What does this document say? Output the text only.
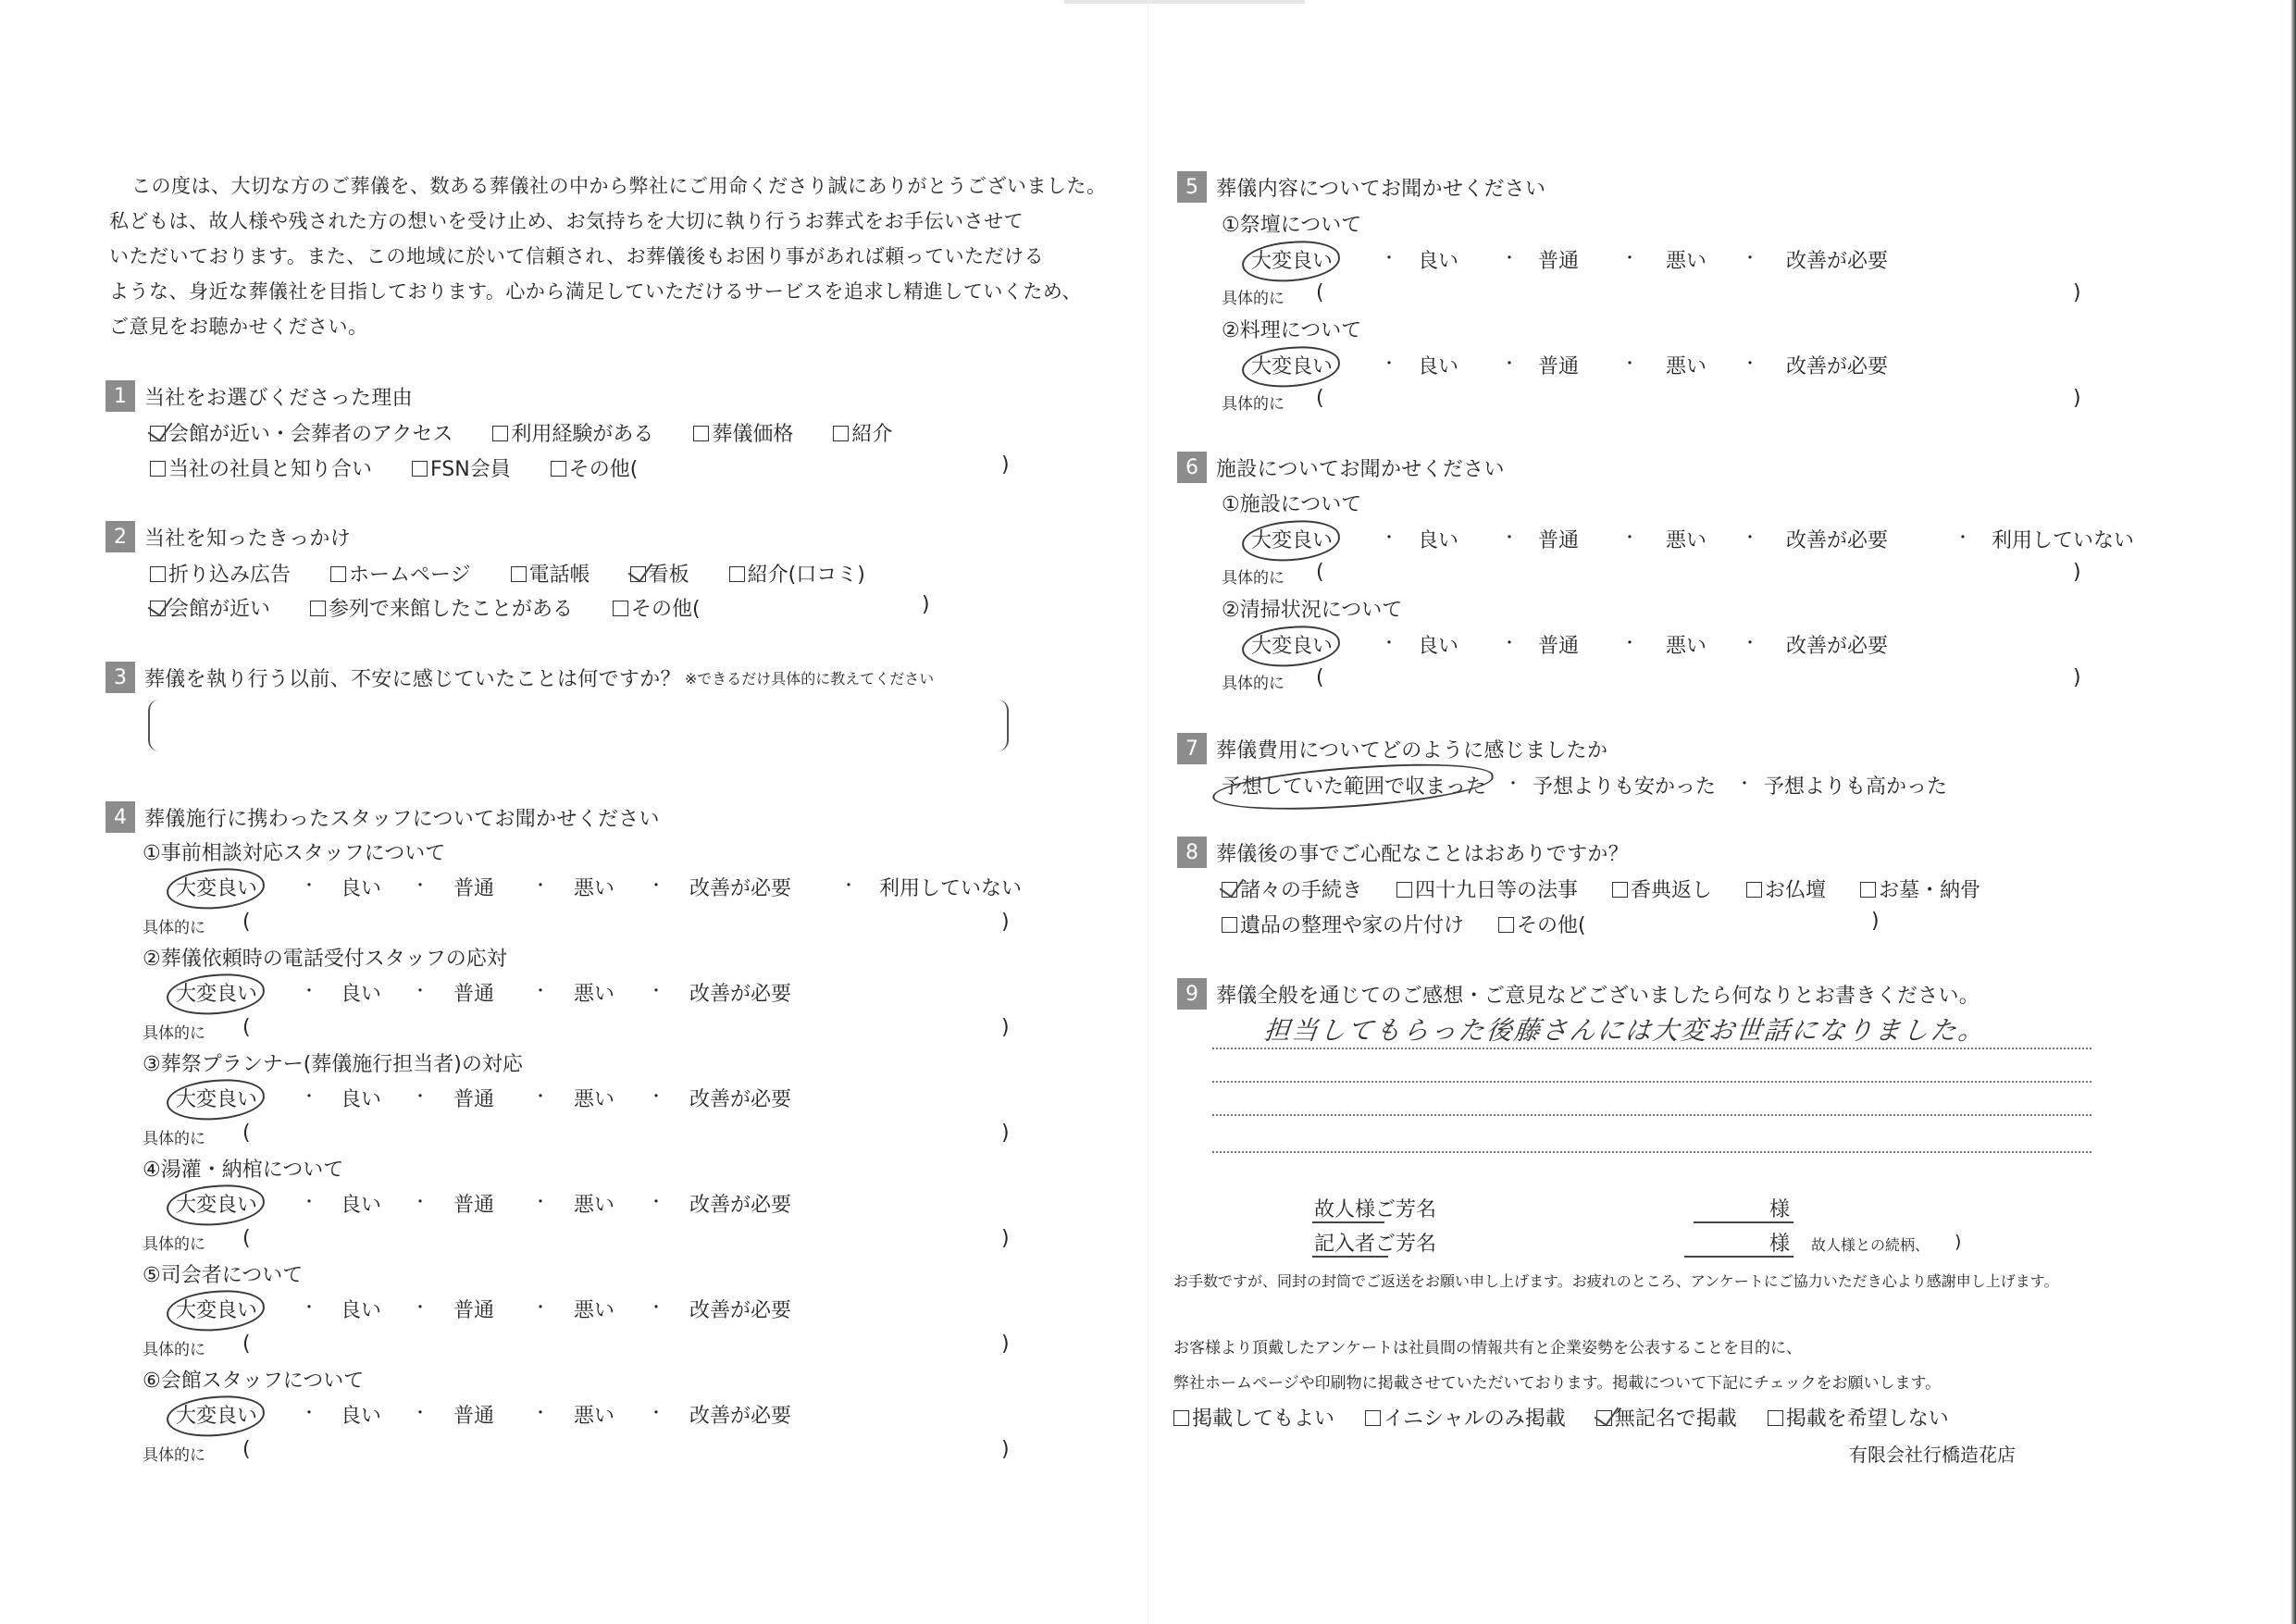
この度は、大切な方のご葬儀を、数ある葬儀社の中から弊社にご用命くださり誠にありがとうございました。
私どもは、故人様や残された方の想いを受け止め、お気持ちを大切に執り行うお葬式をお手伝いさせて
いただいております。また、この地域に於いて信頼され、お葬儀後もお困り事があれば頼っていただける
ような、身近な葬儀社を目指しております。心から満足していただけるサービスを追求し精進していくため、
ご意見をお聴かせください。
1 当社をお選びくださった理由
会館が近い・会葬者のアクセス	利用経験がある	葬儀価格	紹介
当社の社員と知り合い	FSN会員	その他(	)
2 当社を知ったきっかけ
折り込み広告	ホームページ	電話帳	看板	紹介(口コミ)
会館が近い	参列で来館したことがある	その他(	)
3 葬儀を執り行う以前、不安に感じていたことは何ですか？ ※できるだけ具体的に教えてください
4 葬儀施行に携わったスタッフについてお聞かせください
①事前相談対応スタッフについて
大変良い	・ 良い ・ 普通 ・ 悪い ・ 改善が必要	・ 利用していない
具体的に (	)
②葬儀依頼時の電話受付スタッフの応対
大変良い	・ 良い ・ 普通 ・ 悪い ・ 改善が必要
具体的に (	)
③葬祭プランナー(葬儀施行担当者)の対応
大変良い	・ 良い ・ 普通 ・ 悪い ・ 改善が必要
具体的に (	)
④湯灌・納棺について
大変良い	・ 良い ・ 普通 ・ 悪い ・ 改善が必要
具体的に (	)
⑤司会者について
大変良い	・ 良い ・ 普通 ・ 悪い ・ 改善が必要
具体的に (	)
⑥会館スタッフについて
大変良い	・ 良い ・ 普通 ・ 悪い ・ 改善が必要
具体的に (	)
5 葬儀内容についてお聞かせください
①祭壇について
大変良い	・ 良い	・ 普通	・ 悪い ・ 改善が必要
具体的に (	)
②料理について
大変良い	・ 良い	・ 普通	・ 悪い ・ 改善が必要
具体的に (	)
6 施設についてお聞かせください
①施設について
大変良い	・ 良い	・ 普通	・ 悪い ・ 改善が必要	・ 利用していない
具体的に (	)
②清掃状況について
大変良い	・ 良い	・ 普通	・ 悪い ・ 改善が必要
具体的に (	)
7 葬儀費用についてどのように感じましたか
予想していた範囲で収まった ・ 予想よりも安かった ・ 予想よりも高かった
8 葬儀後の事でご心配なことはおありですか？
諸々の手続き	四十九日等の法事	香典返し	お仏壇	お墓・納骨
遺品の整理や家の片付け	その他(	)
9 葬儀全般を通じてのご感想・ご意見などございましたら何なりとお書きください。
担当してもらった後藤さんには大変お世話になりました。
故人様ご芳名	様
記入者ご芳名	様 故人様との続柄、 )
お手数ですが、同封の封筒でご返送をお願い申し上げます。お疲れのところ、アンケートにご協力いただき心より感謝申し上げます。
お客様より頂戴したアンケートは社員間の情報共有と企業姿勢を公表することを目的に、
弊社ホームページや印刷物に掲載させていただいております。掲載について下記にチェックをお願いします。
掲載してもよい イニシャルのみ掲載 無記名で掲載 掲載を希望しない
有限会社行橋造花店
